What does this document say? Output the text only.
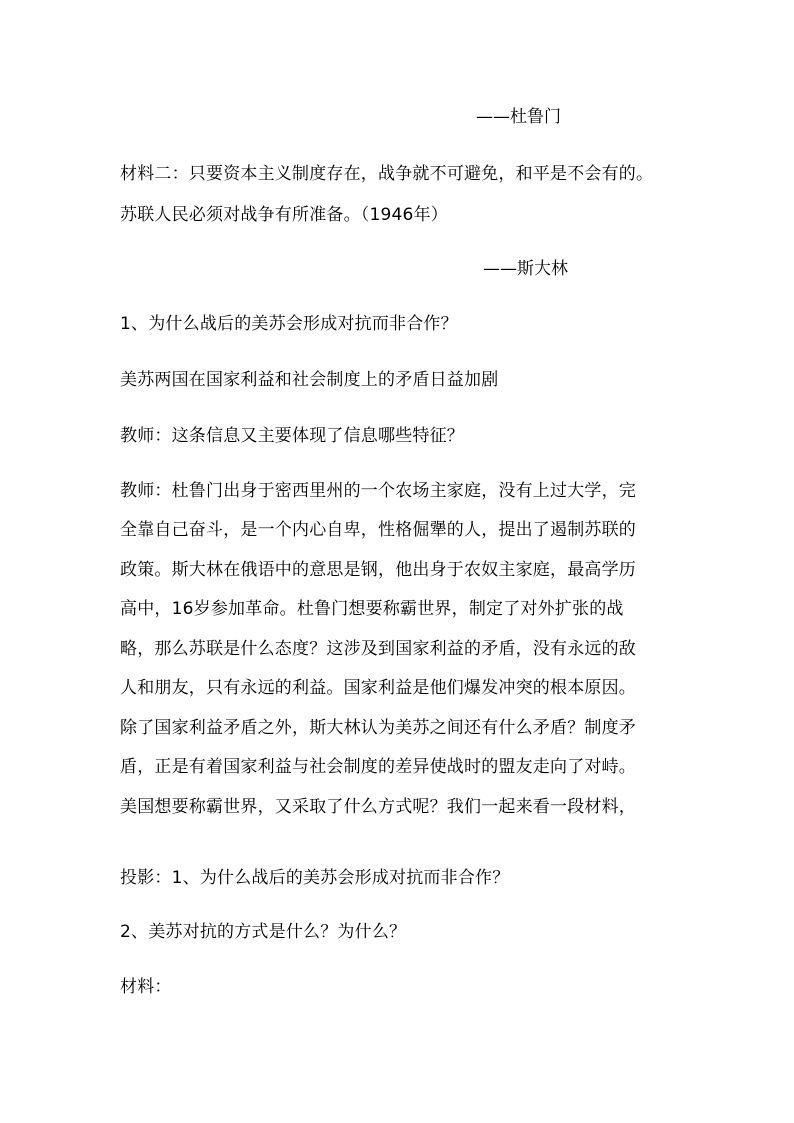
——杜鲁门
材料二：只要资本主义制度存在，战争就不可避免，和平是不会有的。
苏联人民必须对战争有所准备。（1946年）
——斯大林
1、为什么战后的美苏会形成对抗而非合作？
美苏两国在国家利益和社会制度上的矛盾日益加剧
教师：这条信息又主要体现了信息哪些特征？
教师：杜鲁门出身于密西里州的一个农场主家庭，没有上过大学，完
全靠自己奋斗，是一个内心自卑，性格倔犟的人，提出了遏制苏联的
政策。斯大林在俄语中的意思是钢，他出身于农奴主家庭，最高学历
高中，16岁参加革命。杜鲁门想要称霸世界，制定了对外扩张的战
略，那么苏联是什么态度？这涉及到国家利益的矛盾，没有永远的敌
人和朋友，只有永远的利益。国家利益是他们爆发冲突的根本原因。
除了国家利益矛盾之外，斯大林认为美苏之间还有什么矛盾？制度矛
盾，正是有着国家利益与社会制度的差异使战时的盟友走向了对峙。
美国想要称霸世界，又采取了什么方式呢？我们一起来看一段材料，
投影：1、为什么战后的美苏会形成对抗而非合作？
2、美苏对抗的方式是什么？为什么？
材料：
